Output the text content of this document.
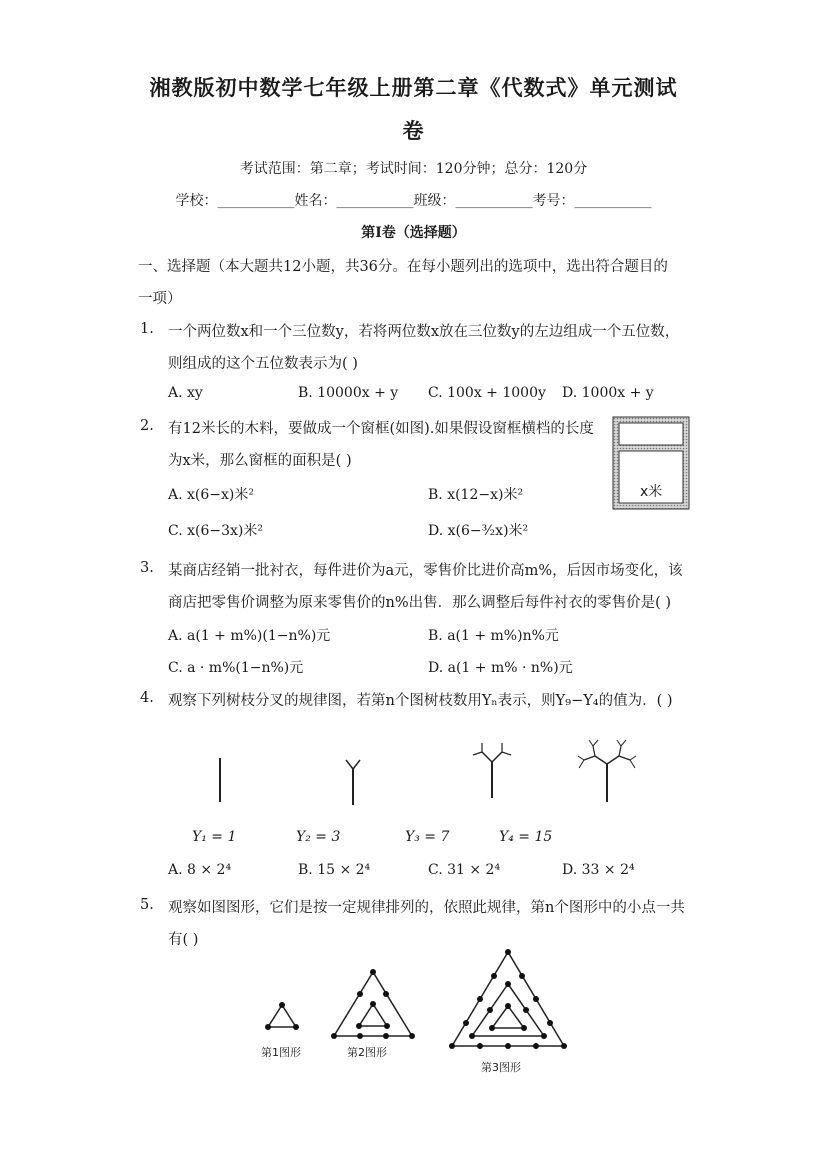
湘教版初中数学七年级上册第二章《代数式》单元测试
卷
考试范围：第二章；考试时间：120分钟；总分：120分
学校：___________姓名：___________班级：___________考号：___________
第I卷（选择题）
一、选择题（本大题共12小题，共36分。在每小题列出的选项中，选出符合题目的
一项）
1. 一个两位数x和一个三位数y，若将两位数x放在三位数y的左边组成一个五位数，
则组成的这个五位数表示为( )
A. xy	B. 10000x + y C. 100x + 1000y D. 1000x + y
2. 有12米长的木料，要做成一个窗框(如图).如果假设窗框横档的长度
为x米，那么窗框的面积是( )
A. x(6−x)米²	B. x(12−x)米²
C. x(6−3x)米²	D. x(6−³⁄₂x)米²
x米
3. 某商店经销一批衬衣，每件进价为a元，零售价比进价高m%，后因市场变化，该
商店把零售价调整为原来零售价的n%出售．那么调整后每件衬衣的零售价是( )
A. a(1 + m%)(1−n%)元	B. a(1 + m%)n%元
C. a · m%(1−n%)元	D. a(1 + m% · n%)元
4. 观察下列树枝分叉的规律图，若第n个图树枝数用Yₙ表示，则Y₉−Y₄的值为．( )
Y₁ = 1	Y₂ = 3	Y₃ = 7	Y₄ = 15
A. 8 × 2⁴	B. 15 × 2⁴	C. 31 × 2⁴	D. 33 × 2⁴
5. 观察如图图形，它们是按一定规律排列的，依照此规律，第n个图形中的小点一共
有( )
第1图形	第2图形
第3图形
